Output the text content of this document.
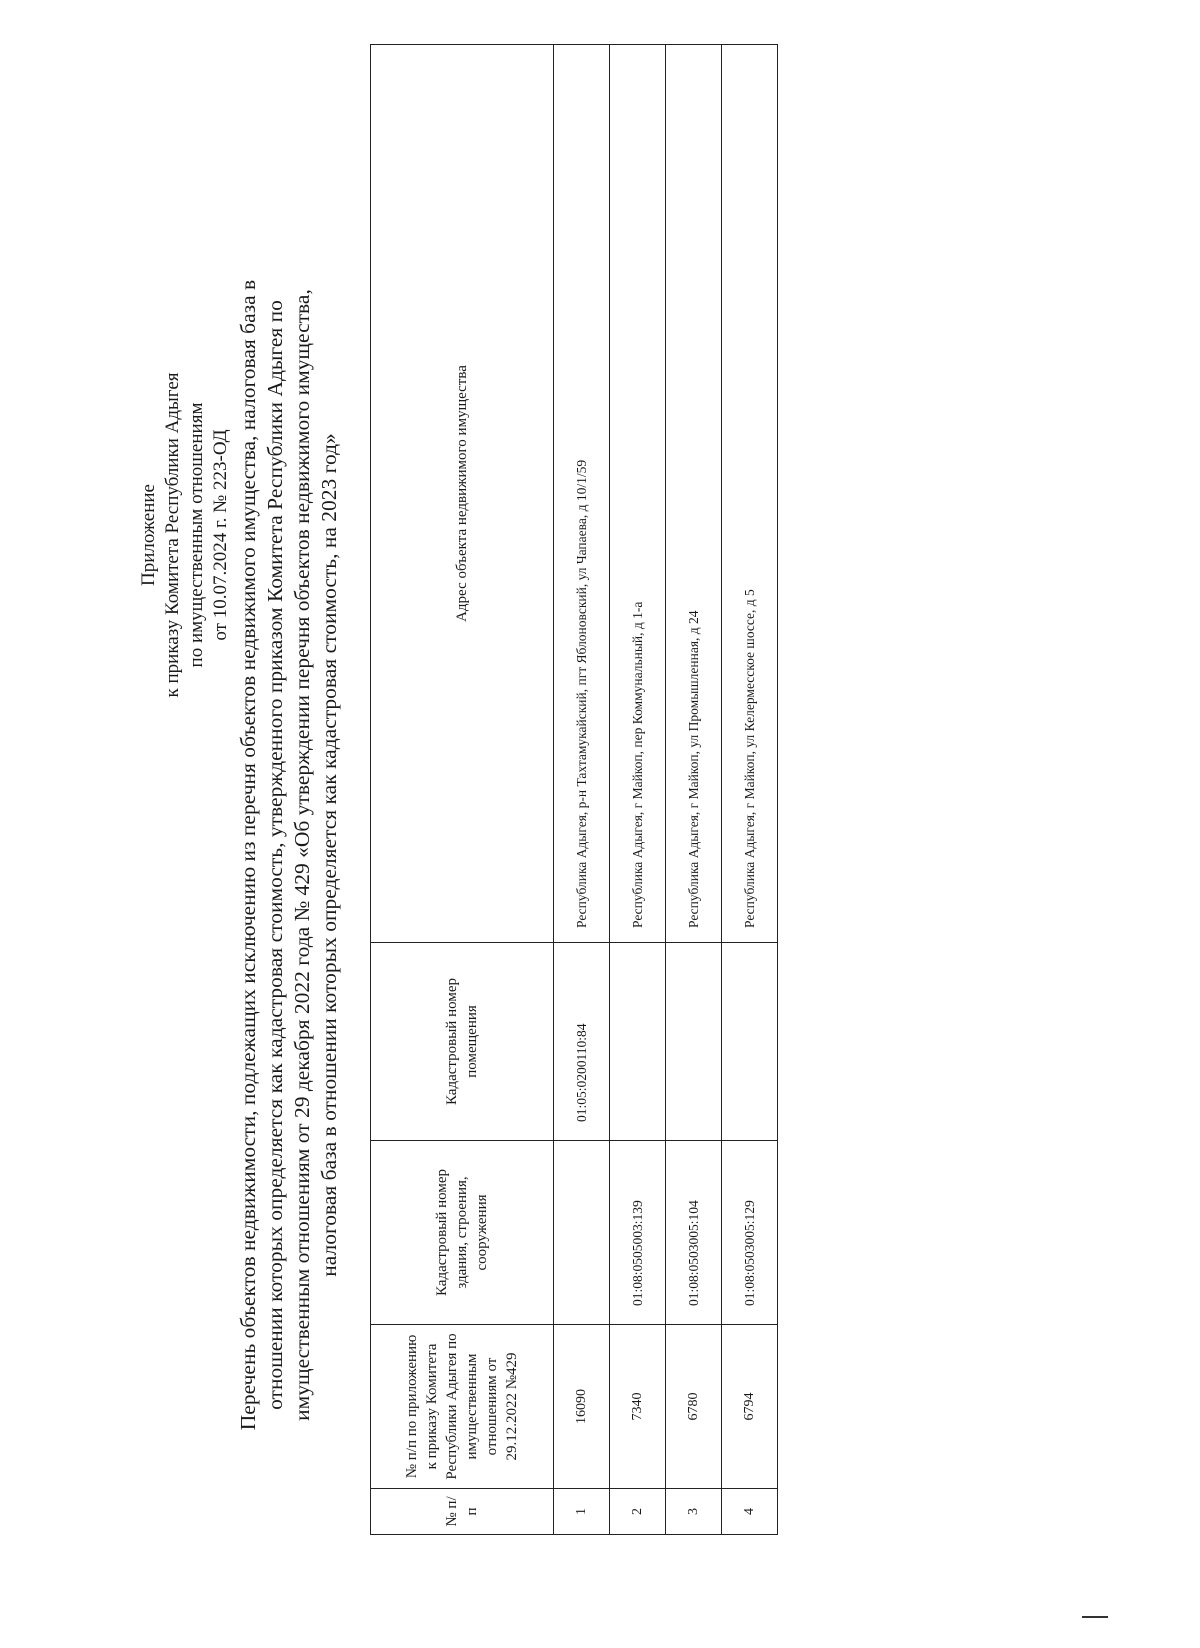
Приложение к приказу Комитета Республики Адыгея по имущественным отношениям от 10.07.2024 г. № 223-ОД Перечень объектов недвижимости, подлежащих исключению из перечня объектов недвижимого имущества, налоговая база в отношении которых определяется как кадастровая стоимость, утвержденного приказом Комитета Республики Адыгея по имущественным отношениям от 29 декабря 2022 года № 429 «Об утверждении перечня объектов недвижимого имущества, налоговая база в отношении которых определяется как кадастровая стоимость, на 2023 год»
№ п/п	№ п/п по приложению к приказу Комитета Республики Адыгея по имущественным отношениям от 29.12.2022 №429	Кадастровый номер здания, строения, сооружения	Кадастровый номер помещения	Адрес объекта недвижимого имущества
1	16090		01:05:0200110:84	Республика Адыгея, р-н Тахтамукайский, пгт Яблоновский, ул Чапаева, д 10/1/59
2	7340	01:08:0505003:139		Республика Адыгея, г Майкоп, пер Коммунальный, д 1-а
3	6780	01:08:0503005:104		Республика Адыгея, г Майкоп, ул Промышленная, д 24
4	6794	01:08:0503005:129		Республика Адыгея, г Майкоп, ул Келермесское шоссе, д 5
